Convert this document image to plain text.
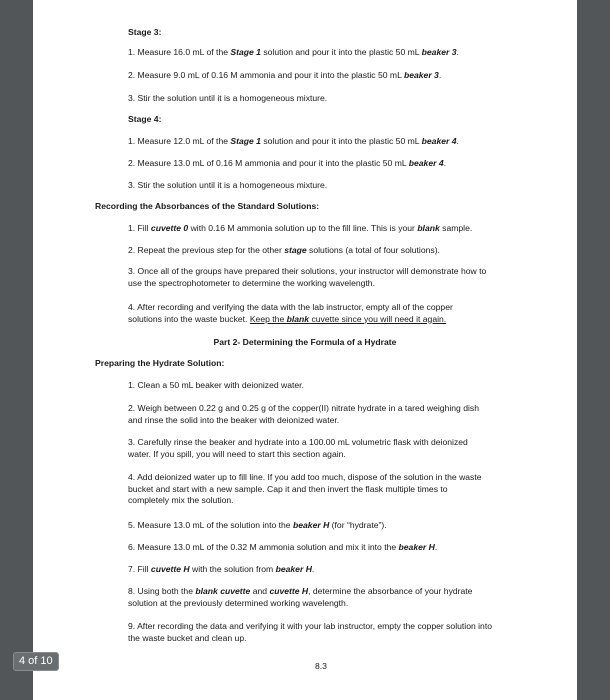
Stage 3:
1. Measure 16.0 mL of the Stage 1 solution and pour it into the plastic 50 mL beaker 3.
2. Measure 9.0 mL of 0.16 M ammonia and pour it into the plastic 50 mL beaker 3.
3. Stir the solution until it is a homogeneous mixture.
Stage 4:
1. Measure 12.0 mL of the Stage 1 solution and pour it into the plastic 50 mL beaker 4.
2. Measure 13.0 mL of 0.16 M ammonia and pour it into the plastic 50 mL beaker 4.
3. Stir the solution until it is a homogeneous mixture.
Recording the Absorbances of the Standard Solutions:
1. Fill cuvette 0 with 0.16 M ammonia solution up to the fill line. This is your blank sample.
2. Repeat the previous step for the other stage solutions (a total of four solutions).
3. Once all of the groups have prepared their solutions, your instructor will demonstrate how to
use the spectrophotometer to determine the working wavelength.
4. After recording and verifying the data with the lab instructor, empty all of the copper
solutions into the waste bucket. Keep the blank cuvette since you will need it again.
Part 2- Determining the Formula of a Hydrate
Preparing the Hydrate Solution:
1. Clean a 50 mL beaker with deionized water.
2. Weigh between 0.22 g and 0.25 g of the copper(II) nitrate hydrate in a tared weighing dish
and rinse the solid into the beaker with deionized water.
3. Carefully rinse the beaker and hydrate into a 100.00 mL volumetric flask with deionized
water. If you spill, you will need to start this section again.
4. Add deionized water up to fill line. If you add too much, dispose of the solution in the waste
bucket and start with a new sample. Cap it and then invert the flask multiple times to
completely mix the solution.
5. Measure 13.0 mL of the solution into the beaker H (for “hydrate”).
6. Measure 13.0 mL of the 0.32 M ammonia solution and mix it into the beaker H.
7. Fill cuvette H with the solution from beaker H.
8. Using both the blank cuvette and cuvette H, determine the absorbance of your hydrate
solution at the previously determined working wavelength.
9. After recording the data and verifying it with your lab instructor, empty the copper solution into
the waste bucket and clean up.
8.3
4 of 10
